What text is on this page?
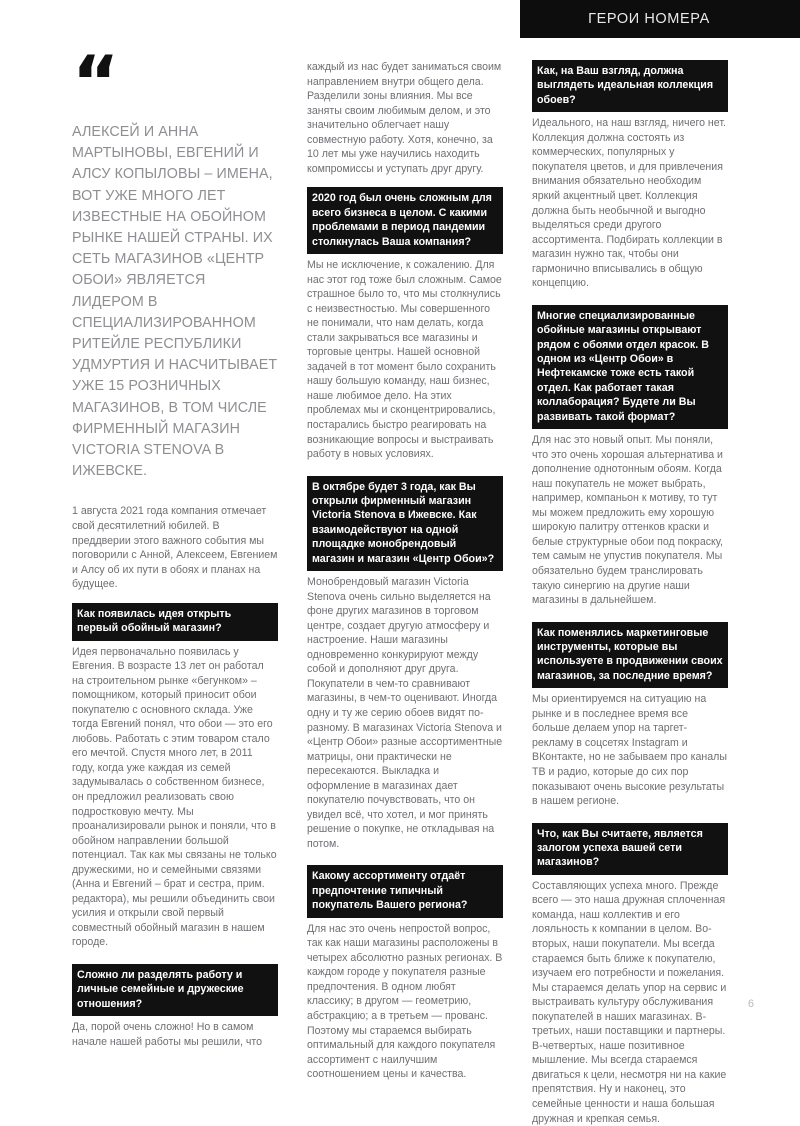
ГЕРОИ НОМЕРА
“

АЛЕКСЕЙ И АННА МАРТЫНОВЫ, ЕВГЕНИЙ И АЛСУ КОПЫЛОВЫ – ИМЕНА, ВОТ УЖЕ МНОГО ЛЕТ ИЗВЕСТНЫЕ НА ОБОЙНОМ РЫНКЕ НАШЕЙ СТРАНЫ. ИХ СЕТЬ МАГАЗИНОВ «ЦЕНТР ОБОИ» ЯВЛЯЕТСЯ ЛИДЕРОМ В СПЕЦИАЛИЗИРОВАННОМ РИТЕЙЛЕ РЕСПУБЛИКИ УДМУРТИЯ И НАСЧИТЫВАЕТ УЖЕ 15 РОЗНИЧНЫХ МАГАЗИНОВ, В ТОМ ЧИСЛЕ ФИРМЕННЫЙ МАГАЗИН VICTORIA STENOVA В ИЖЕВСКЕ.

1 августа 2021 года компания отмечает свой десятилетний юбилей. В преддверии этого важного события мы поговорили с Анной, Алексеем, Евгением и Алсу об их пути в обоях и планах на будущее.

Как появилась идея открыть первый обойный магазин?

Идея первоначально появилась у Евгения. В возрасте 13 лет он работал на строительном рынке «бегунком» – помощником, который приносит обои покупателю с основного склада. Уже тогда Евгений понял, что обои — это его любовь. Работать с этим товаром стало его мечтой. Спустя много лет, в 2011 году, когда уже каждая из семей задумывалась о собственном бизнесе, он предложил реализовать свою подростковую мечту. Мы проанализировали рынок и поняли, что в обойном направлении большой потенциал. Так как мы связаны не только дружескими, но и семейными связями (Анна и Евгений – брат и сестра, прим. редактора), мы решили объединить свои усилия и открыли свой первый совместный обойный магазин в нашем городе.

Сложно ли разделять работу и личные семейные и дружеские отношения?

Да, порой очень сложно! Но в самом начале нашей работы мы решили, что

каждый из нас будет заниматься своим направлением внутри общего дела. Разделили зоны влияния. Мы все заняты своим любимым делом, и это значительно облегчает нашу совместную работу. Хотя, конечно, за 10 лет мы уже научились находить компромиссы и уступать друг другу.

2020 год был очень сложным для всего бизнеса в целом. С какими проблемами в период пандемии столкнулась Ваша компания?

Мы не исключение, к сожалению. Для нас этот год тоже был сложным. Самое страшное было то, что мы столкнулись с неизвестностью. Мы совершенного не понимали, что нам делать, когда стали закрываться все магазины и торговые центры. Нашей основной задачей в тот момент было сохранить нашу большую команду, наш бизнес, наше любимое дело. На этих проблемах мы и сконцентрировались, постарались быстро реагировать на возникающие вопросы и выстраивать работу в новых условиях.

В октябре будет 3 года, как Вы открыли фирменный магазин Victoria Stenova в Ижевске. Как взаимодействуют на одной площадке монобрендовый магазин и магазин «Центр Обои»?

Монобрендовый магазин Victoria Stenova очень сильно выделяется на фоне других магазинов в торговом центре, создает другую атмосферу и настроение. Наши магазины одновременно конкурируют между собой и дополняют друг друга. Покупатели в чем-то сравнивают магазины, в чем-то оценивают. Иногда одну и ту же серию обоев видят по-разному. В магазинах Victoria Stenova и «Центр Обои» разные ассортиментные матрицы, они практически не пересекаются. Выкладка и оформление в магазинах дает покупателю почувствовать, что он увидел всё, что хотел, и мог принять решение о покупке, не откладывая на потом.

Какому ассортименту отдаёт предпочтение типичный покупатель Вашего региона?

Для нас это очень непростой вопрос, так как наши магазины расположены в четырех абсолютно разных регионах. В каждом городе у покупателя разные предпочтения. В одном любят классику; в другом — геометрию, абстракцию; а в третьем — прованс. Поэтому мы стараемся выбирать оптимальный для каждого покупателя ассортимент с наилучшим соотношением цены и качества.

Как, на Ваш взгляд, должна выглядеть идеальная коллекция обоев?

Идеального, на наш взгляд, ничего нет. Коллекция должна состоять из коммерческих, популярных у покупателя цветов, и для привлечения внимания обязательно необходим яркий акцентный цвет. Коллекция должна быть необычной и выгодно выделяться среди другого ассортимента. Подбирать коллекции в магазин нужно так, чтобы они гармонично вписывались в общую концепцию.

Многие специализированные обойные магазины открывают рядом с обоями отдел красок. В одном из «Центр Обои» в Нефтекамске тоже есть такой отдел. Как работает такая коллаборация? Будете ли Вы развивать такой формат?

Для нас это новый опыт. Мы поняли, что это очень хорошая альтернатива и дополнение однотонным обоям. Когда наш покупатель не может выбрать, например, компаньон к мотиву, то тут мы можем предложить ему хорошую широкую палитру оттенков краски и белые структурные обои под покраску, тем самым не упустив покупателя. Мы обязательно будем транслировать такую синергию на другие наши магазины в дальнейшем.

Как поменялись маркетинговые инструменты, которые вы используете в продвижении своих магазинов, за последние время?

Мы ориентируемся на ситуацию на рынке и в последнее время все больше делаем упор на таргет-рекламу в соцсетях Instagram и ВКонтакте, но не забываем про каналы ТВ и радио, которые до сих пор показывают очень высокие результаты в нашем регионе.

Что, как Вы считаете, является залогом успеха вашей сети магазинов?

Составляющих успеха много. Прежде всего — это наша дружная сплоченная команда, наш коллектив и его лояльность к компании в целом. Во-вторых, наши покупатели. Мы всегда стараемся быть ближе к покупателю, изучаем его потребности и пожелания. Мы стараемся делать упор на сервис и выстраивать культуру обслуживания покупателей в наших магазинах. В-третьих, наши поставщики и партнеры. В-четвертых, наше позитивное мышление. Мы всегда стараемся двигаться к цели, несмотря ни на какие препятствия. Ну и наконец, это семейные ценности и наша большая дружная и крепкая семья.

6
